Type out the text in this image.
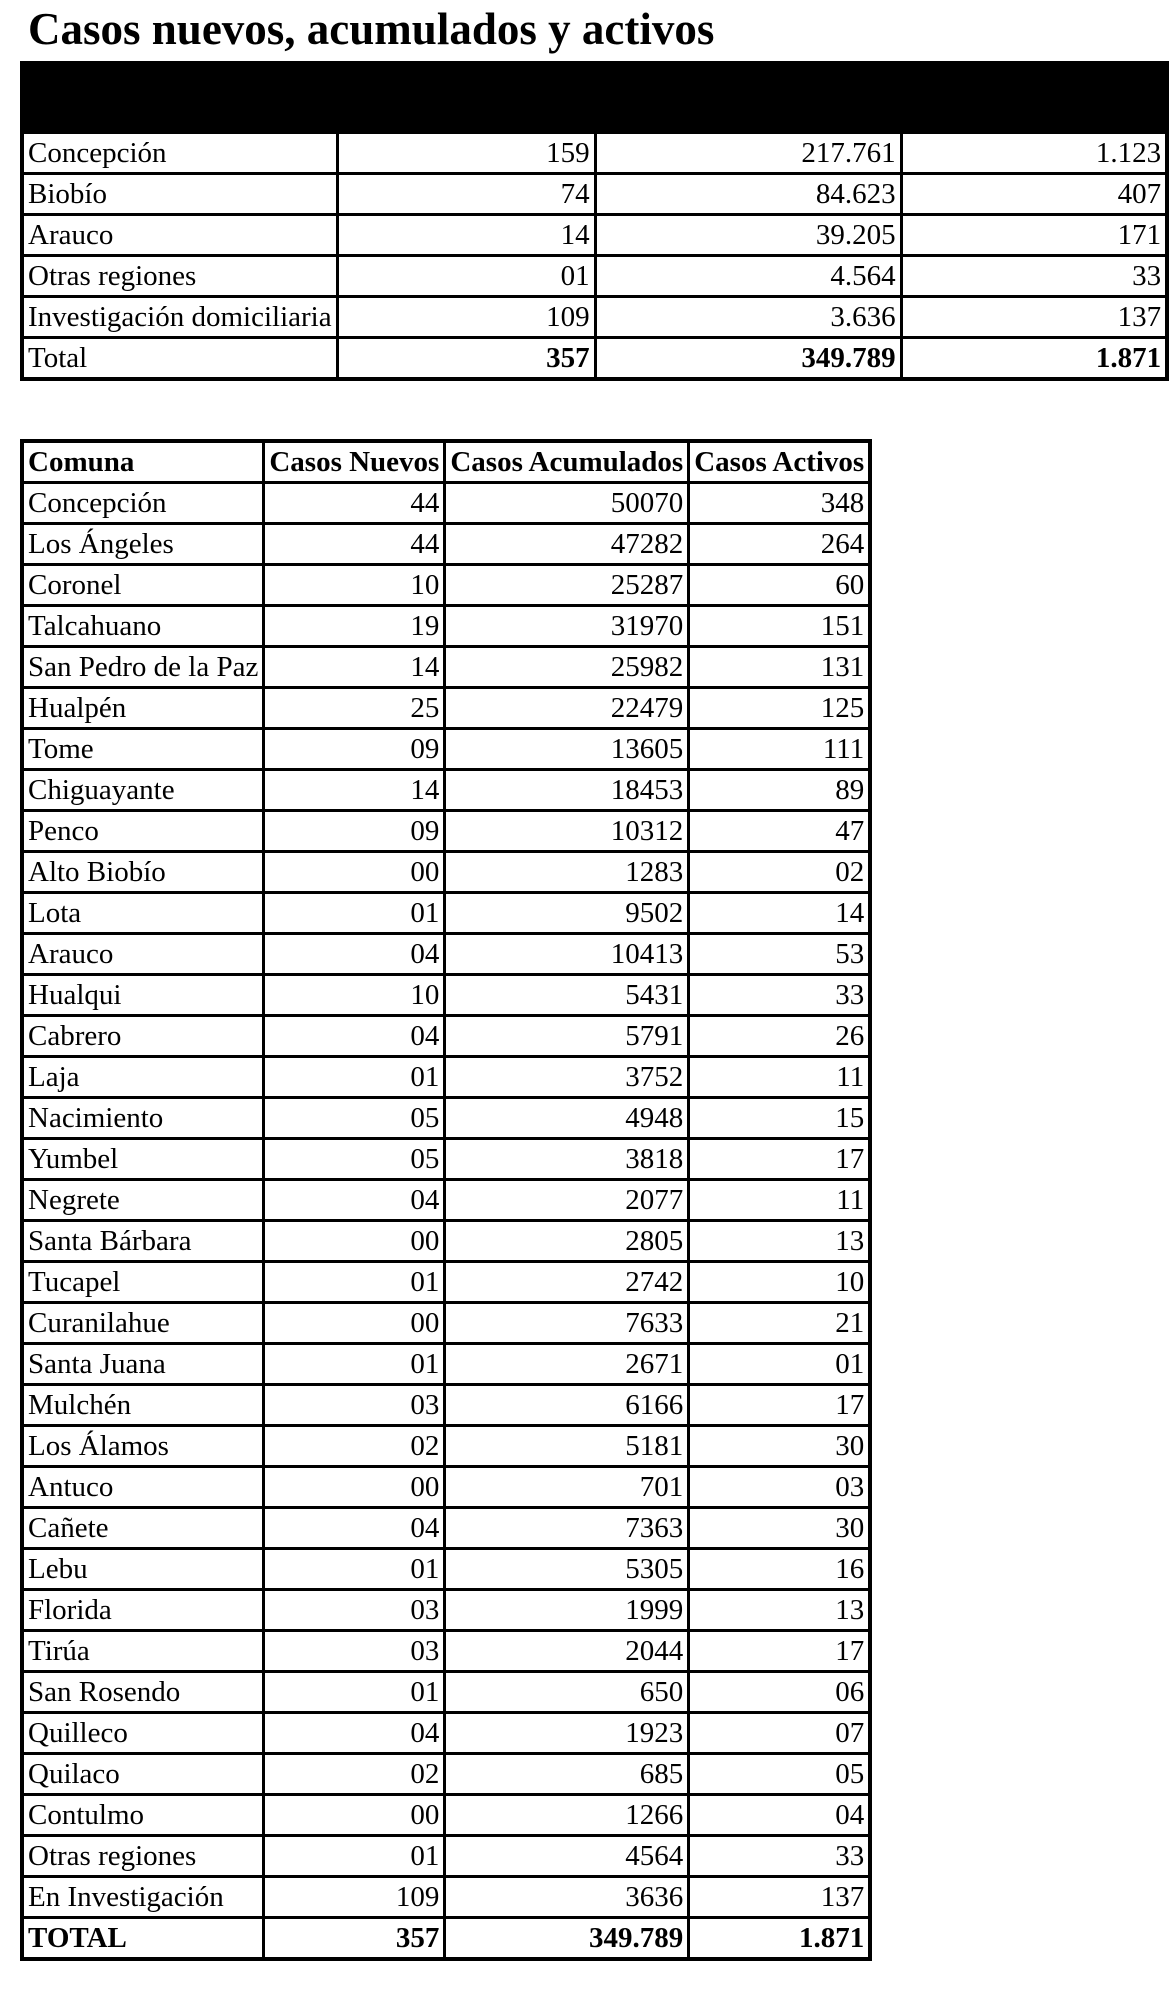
Casos nuevos, acumulados y activos

Concepción	159	217.761	1.123
Biobío	74	84.623	407
Arauco	14	39.205	171
Otras regiones	01	4.564	33
Investigación domiciliaria	109	3.636	137
Total	357	349.789	1.871
Comuna	Casos Nuevos	Casos Acumulados	Casos Activos
Concepción	44	50070	348
Los Ángeles	44	47282	264
Coronel	10	25287	60
Talcahuano	19	31970	151
San Pedro de la Paz	14	25982	131
Hualpén	25	22479	125
Tome	09	13605	111
Chiguayante	14	18453	89
Penco	09	10312	47
Alto Biobío	00	1283	02
Lota	01	9502	14
Arauco	04	10413	53
Hualqui	10	5431	33
Cabrero	04	5791	26
Laja	01	3752	11
Nacimiento	05	4948	15
Yumbel	05	3818	17
Negrete	04	2077	11
Santa Bárbara	00	2805	13
Tucapel	01	2742	10
Curanilahue	00	7633	21
Santa Juana	01	2671	01
Mulchén	03	6166	17
Los Álamos	02	5181	30
Antuco	00	701	03
Cañete	04	7363	30
Lebu	01	5305	16
Florida	03	1999	13
Tirúa	03	2044	17
San Rosendo	01	650	06
Quilleco	04	1923	07
Quilaco	02	685	05
Contulmo	00	1266	04
Otras regiones	01	4564	33
En Investigación	109	3636	137
TOTAL	357	349.789	1.871
